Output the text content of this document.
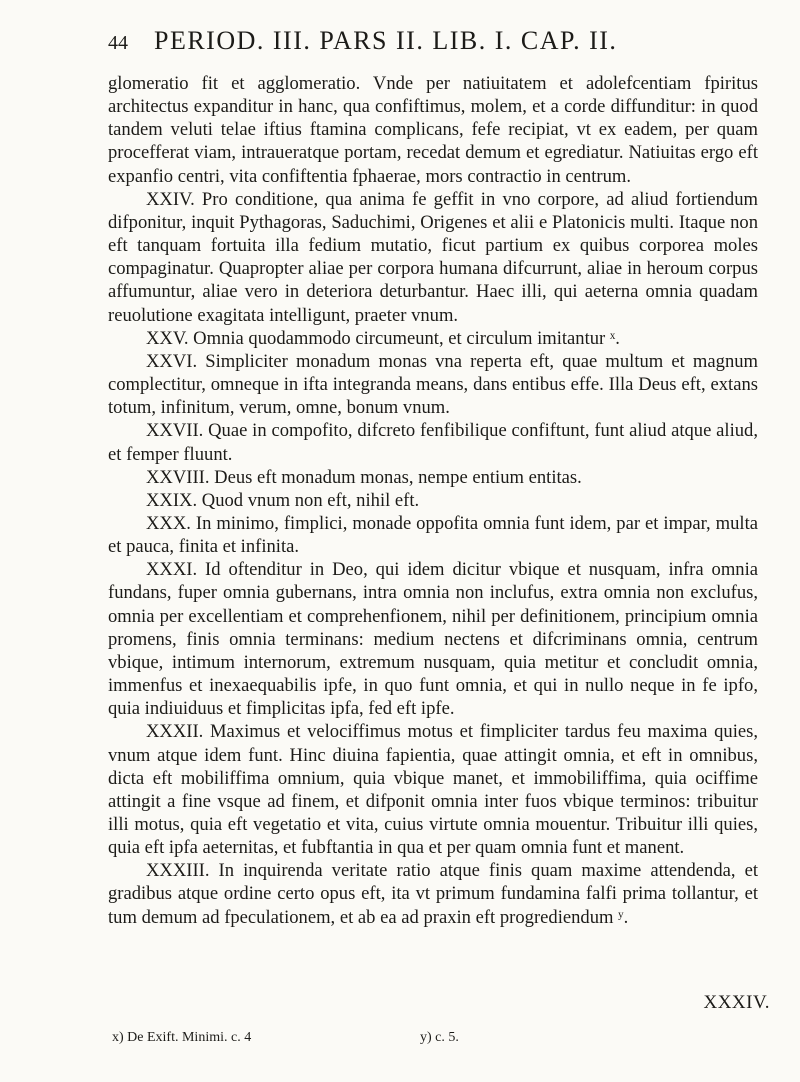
44 PERIOD. III. PARS II. LIB. I. CAP. II.

glomeratio fit et agglomeratio. Vnde per natiuitatem et adolefcentiam fpiritus architectus expanditur in hanc, qua confiftimus, molem, et a corde diffunditur: in quod tandem veluti telae iftius ftamina complicans, fefe recipiat, vt ex eadem, per quam procefferat viam, intraueratque portam, recedat demum et egrediatur. Natiuitas ergo eft expanfio centri, vita confiftentia fphaerae, mors contractio in centrum.

XXIV. Pro conditione, qua anima fe geffit in vno corpore, ad aliud fortiendum difponitur, inquit Pythagoras, Saduchimi, Origenes et alii e Platonicis multi. Itaque non eft tanquam fortuita illa fedium mutatio, ficut partium ex quibus corporea moles compaginatur. Quapropter aliae per corpora humana difcurrunt, aliae in heroum corpus affumuntur, aliae vero in deteriora deturbantur. Haec illi, qui aeterna omnia quadam reuolutione exagitata intelligunt, praeter vnum.

XXV. Omnia quodammodo circumeunt, et circulum imitantur ˣ.

XXVI. Simpliciter monadum monas vna reperta eft, quae multum et magnum complectitur, omneque in ifta integranda means, dans entibus effe. Illa Deus eft, extans totum, infinitum, verum, omne, bonum vnum.

XXVII. Quae in compofito, difcreto fenfibilique confiftunt, funt aliud atque aliud, et femper fluunt.

XXVIII. Deus eft monadum monas, nempe entium entitas.

XXIX. Quod vnum non eft, nihil eft.

XXX. In minimo, fimplici, monade oppofita omnia funt idem, par et impar, multa et pauca, finita et infinita.

XXXI. Id oftenditur in Deo, qui idem dicitur vbique et nusquam, infra omnia fundans, fuper omnia gubernans, intra omnia non inclufus, extra omnia non exclufus, omnia per excellentiam et comprehenfionem, nihil per definitionem, principium omnia promens, finis omnia terminans: medium nectens et difcriminans omnia, centrum vbique, intimum internorum, extremum nusquam, quia metitur et concludit omnia, immenfus et inexaequabilis ipfe, in quo funt omnia, et qui in nullo neque in fe ipfo, quia indiuiduus et fimplicitas ipfa, fed eft ipfe.

XXXII. Maximus et velociffimus motus et fimpliciter tardus feu maxima quies, vnum atque idem funt. Hinc diuina fapientia, quae attingit omnia, et eft in omnibus, dicta eft mobiliffima omnium, quia vbique manet, et immobiliffima, quia ociffime attingit a fine vsque ad finem, et difponit omnia inter fuos vbique terminos: tribuitur illi motus, quia eft vegetatio et vita, cuius virtute omnia mouentur. Tribuitur illi quies, quia eft ipfa aeternitas, et fubftantia in qua et per quam omnia funt et manent.

XXXIII. In inquirenda veritate ratio atque finis quam maxime attendenda, et gradibus atque ordine certo opus eft, ita vt primum fundamina falfi prima tollantur, et tum demum ad fpeculationem, et ab ea ad praxin eft progrediendum ʸ.

XXXIV.
x) De Exift. Minimi. c. 4	y) c. 5.
